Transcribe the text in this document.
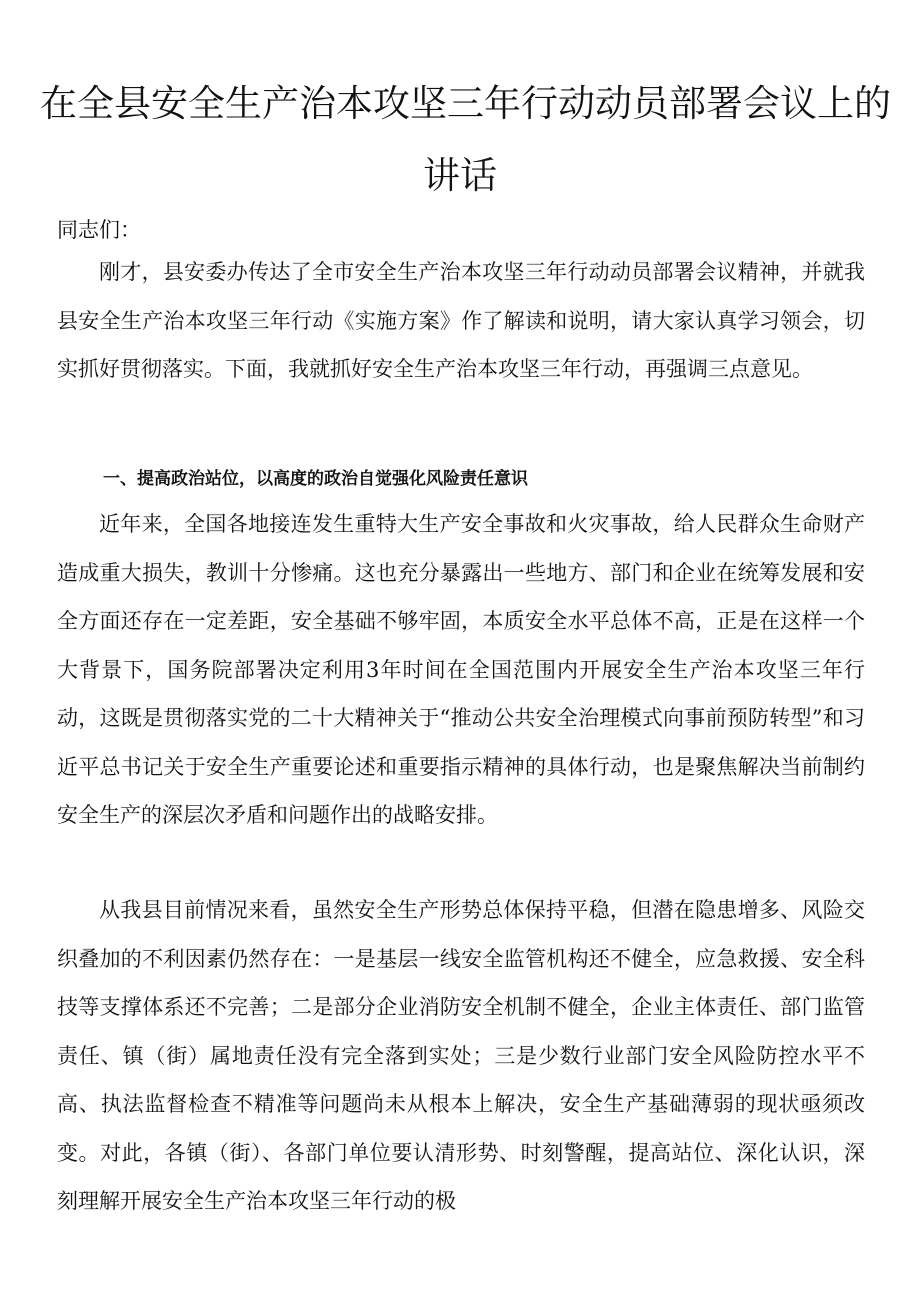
在全县安全生产治本攻坚三年行动动员部署会议上的
讲话
同志们：
刚才，县安委办传达了全市安全生产治本攻坚三年行动动员部署会议精神，并就我县安全生产治本攻坚三年行动《实施方案》作了解读和说明，请大家认真学习领会，切实抓好贯彻落实。下面，我就抓好安全生产治本攻坚三年行动，再强调三点意见。
一、提高政治站位，以高度的政治自觉强化风险责任意识
近年来，全国各地接连发生重特大生产安全事故和火灾事故，给人民群众生命财产造成重大损失，教训十分惨痛。这也充分暴露出一些地方、部门和企业在统筹发展和安全方面还存在一定差距，安全基础不够牢固，本质安全水平总体不高，正是在这样一个大背景下，国务院部署决定利用3年时间在全国范围内开展安全生产治本攻坚三年行动，这既是贯彻落实党的二十大精神关于“推动公共安全治理模式向事前预防转型”和习近平总书记关于安全生产重要论述和重要指示精神的具体行动，也是聚焦解决当前制约安全生产的深层次矛盾和问题作出的战略安排。
从我县目前情况来看，虽然安全生产形势总体保持平稳，但潜在隐患增多、风险交织叠加的不利因素仍然存在：一是基层一线安全监管机构还不健全，应急救援、安全科技等支撑体系还不完善；二是部分企业消防安全机制不健全，企业主体责任、部门监管责任、镇（街）属地责任没有完全落到实处；三是少数行业部门安全风险防控水平不高、执法监督检查不精准等问题尚未从根本上解决，安全生产基础薄弱的现状亟须改变。对此，各镇（街）、各部门单位要认清形势、时刻警醒，提高站位、深化认识，深刻理解开展安全生产治本攻坚三年行动的极
